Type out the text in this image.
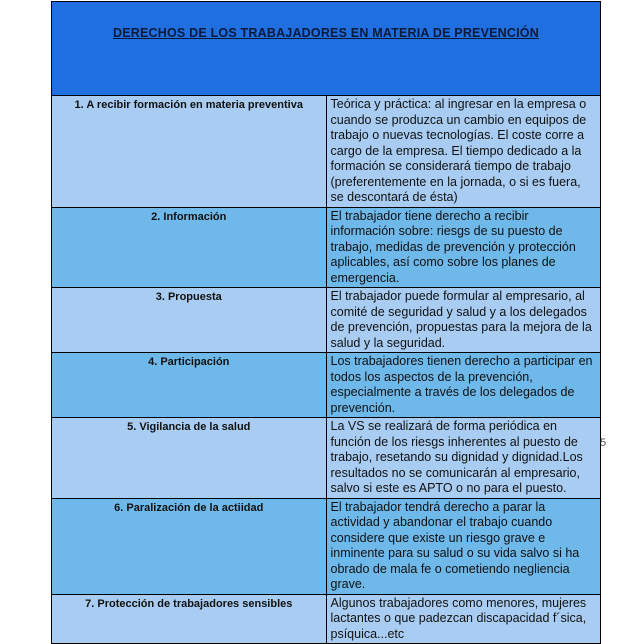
DERECHOS DE LOS TRABAJADORES EN MATERIA DE PREVENCIÓN	
1. A recibir formación en materia preventiva	Teórica y práctica: al ingresar en la empresa o cuando se produzca un cambio en equipos de trabajo o nuevas tecnologías. El coste corre a cargo de la empresa. El tiempo dedicado a la formación se considerará tiempo de trabajo (preferentemente en la jornada, o si es fuera, se descontará de ésta)
2. Información	El trabajador tiene derecho a recibir información sobre: riesgs de su puesto de trabajo, medidas de prevención y protección aplicables, así como sobre los planes de emergencia.
3. Propuesta	El trabajador puede formular al empresario, al comité de seguridad y salud y a los delegados de prevención, propuestas para la mejora de la salud y la seguridad.
4. Participación	Los trabajadores tienen derecho a participar en todos los aspectos de la prevención, especialmente a través de los delegados de prevención.
5. Vigilancia de la salud	La VS se realizará de forma periódica en función de los riesgs inherentes al puesto de trabajo, resetando su dignidad y dignidad.Los resultados no se comunicarán al empresario, salvo si este es APTO o no para el puesto.
6. Paralización de la actiidad	El trabajador tendrá derecho a parar la actividad y abandonar el trabajo cuando considere que existe un riesgo grave e inminente para su salud o su vida salvo si ha obrado de mala fe o cometiendo negliencia grave.
7. Protección de trabajadores sensibles	Algunos trabajadores como menores, mujeres lactantes o que padezcan discapacidad f´sica, psíquica...etc
5
